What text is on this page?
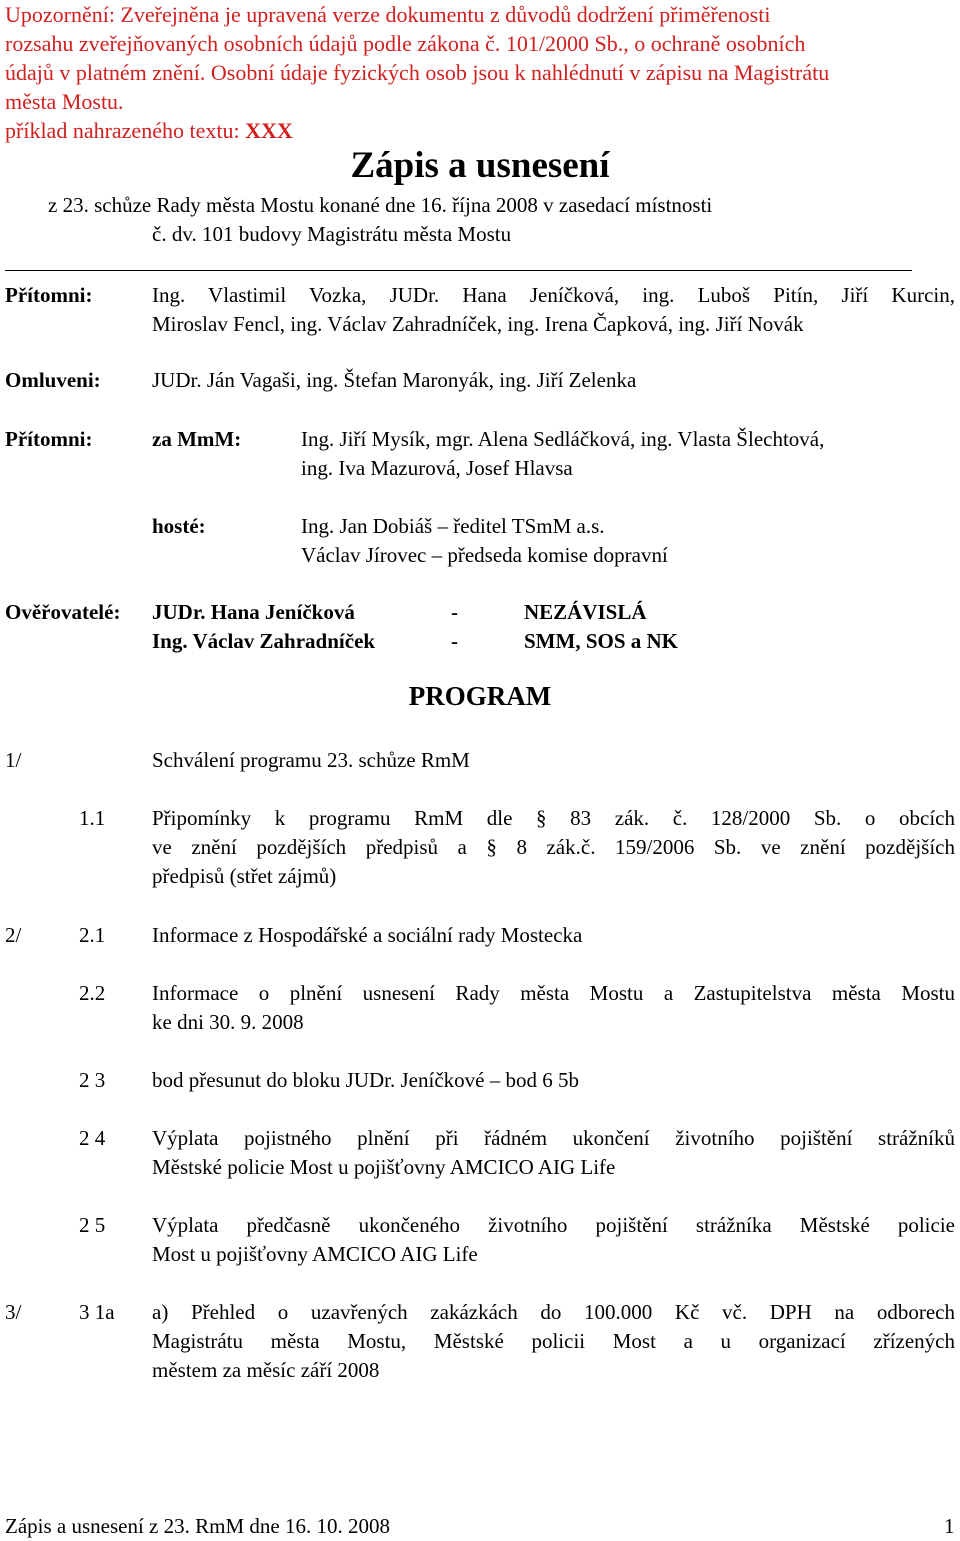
Upozornění: Zveřejněna je upravená verze dokumentu z důvodů dodržení přiměřenosti
rozsahu zveřejňovaných osobních údajů podle zákona č. 101/2000 Sb., o ochraně osobních
údajů v platném znění. Osobní údaje fyzických osob jsou k nahlédnutí v zápisu na Magistrátu
města Mostu.
příklad nahrazeného textu: XXX
Zápis a usnesení
z 23. schůze Rady města Mostu konané dne 16. října 2008 v zasedací místnosti
č. dv. 101 budovy Magistrátu města Mostu
Přítomni:	Ing. Vlastimil Vozka, JUDr. Hana Jeníčková, ing. Luboš Pitín, Jiří Kurcin,
Miroslav Fencl, ing. Václav Zahradníček, ing. Irena Čapková, ing. Jiří Novák
Omluveni: JUDr. Ján Vagaši, ing. Štefan Maronyák, ing. Jiří Zelenka
Přítomni:	za MmM:	Ing. Jiří Mysík, mgr. Alena Sedláčková, ing. Vlasta Šlechtová,
ing. Iva Mazurová, Josef Hlavsa
hosté:	Ing. Jan Dobiáš – ředitel TSmM a.s.
Václav Jírovec – předseda komise dopravní
Ověřovatelé: JUDr. Hana Jeníčková	-	NEZÁVISLÁ
Ing. Václav Zahradníček	-	SMM, SOS a NK
PROGRAM
1/	Schválení programu 23. schůze RmM
1.1 Připomínky k programu RmM dle § 83 zák. č. 128/2000 Sb. o obcích
ve znění pozdějších předpisů a § 8 zák.č. 159/2006 Sb. ve znění pozdějších
předpisů (střet zájmů)
2/	2.1 Informace z Hospodářské a sociální rady Mostecka
2.2 Informace o plnění usnesení Rady města Mostu a Zastupitelstva města Mostu
ke dni 30. 9. 2008
2 3 bod přesunut do bloku JUDr. Jeníčkové – bod 6 5b
2 4 Výplata pojistného plnění při řádném ukončení životního pojištění strážníků
Městské policie Most u pojišťovny AMCICO AIG Life
2 5 Výplata předčasně ukončeného životního pojištění strážníka Městské policie
Most u pojišťovny AMCICO AIG Life
3/	3 1a a) Přehled o uzavřených zakázkách do 100.000 Kč vč. DPH na odborech
Magistrátu města Mostu, Městské policii Most a u organizací zřízených
městem za měsíc září 2008
Zápis a usnesení z 23. RmM dne 16. 10. 2008	1
